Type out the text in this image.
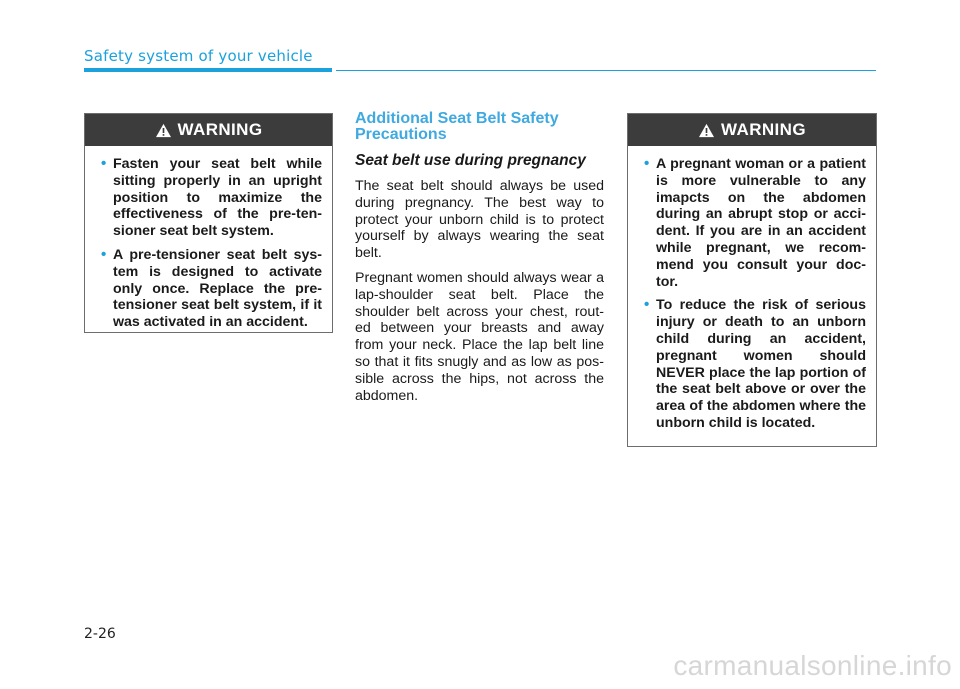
Safety system of your vehicle
WARNING
• Fasten your seat belt while sitting properly in an upright position to maximize the effectiveness of the pre-ten-sioner seat belt system.
• A pre-tensioner seat belt sys-tem is designed to activate only once. Replace the pre-tensioner seat belt system, if it was activated in an accident.
Additional Seat Belt Safety
Precautions
Seat belt use during pregnancy

The seat belt should always be used during pregnancy. The best way to protect your unborn child is to protect yourself by always wearing the seat belt.

Pregnant women should always wear a lap-shoulder seat belt. Place the shoulder belt across your chest, rout-ed between your breasts and away from your neck. Place the lap belt line so that it fits snugly and as low as pos-sible across the hips, not across the abdomen.

WARNING
• A pregnant woman or a patient is more vulnerable to any imapcts on the abdomen during an abrupt stop or acci-dent. If you are in an accident while pregnant, we recom-mend you consult your doc-tor.
• To reduce the risk of serious injury or death to an unborn child during an accident, pregnant women should NEVER place the lap portion of the seat belt above or over the area of the abdomen where the unborn child is located.
2-26
carmanualsonline.info
